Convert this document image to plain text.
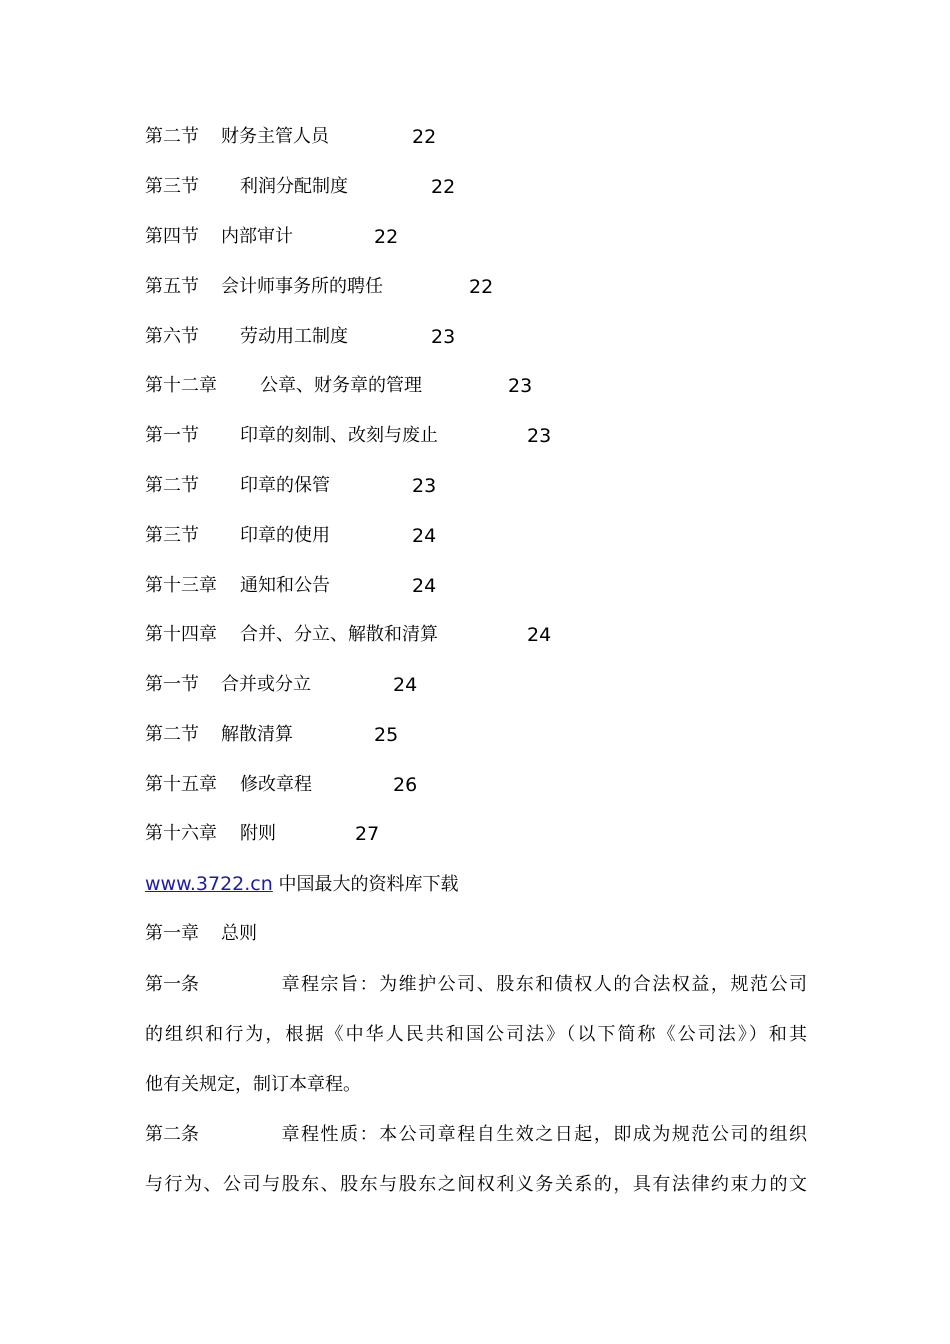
第二节 财务主管人员	22
第三节 利润分配制度	22
第四节 内部审计	22
第五节 会计师事务所的聘任	22
第六节 劳动用工制度	23
第十二章 公章、财务章的管理	23
第一节 印章的刻制、改刻与废止	23
第二节 印章的保管	23
第三节 印章的使用	24
第十三章 通知和公告	24
第十四章 合并、分立、解散和清算	24
第一节 合并或分立	24
第二节 解散清算	25
第十五章 修改章程	26
第十六章 附则	27
www.3722.cn 中国最大的资料库下载
第一章 总则
第一条	章程宗旨：为维护公司、股东和债权人的合法权益，规范公司
的组织和行为，根据《中华人民共和国公司法》（以下简称《公司法》）和其
他有关规定，制订本章程。
第二条	章程性质：本公司章程自生效之日起，即成为规范公司的组织
与行为、公司与股东、股东与股东之间权利义务关系的，具有法律约束力的文
